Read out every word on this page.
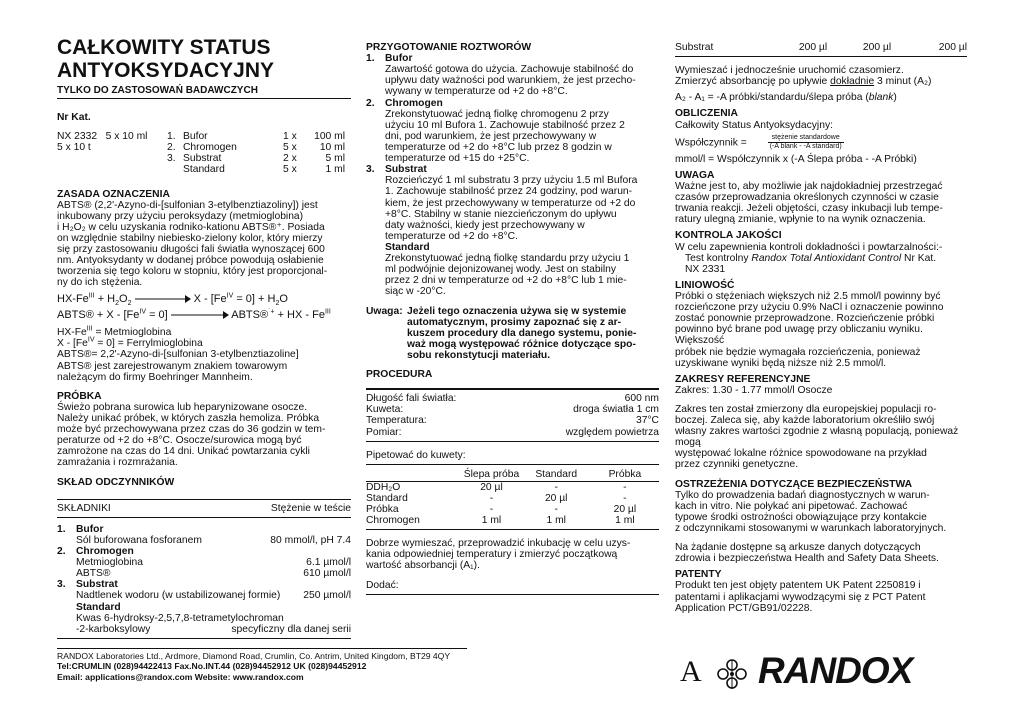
CAŁKOWITY STATUS
ANTYOKSYDACYJNY
TYLKO DO ZASTOSOWAŃ BADAWCZYCH
Nr Kat.
NX 2332 5 x 10 ml
5 x 10 t
1.	Bufor	1 x	100 ml
2.	Chromogen	5 x	10 ml
3.	Substrat	2 x	5 ml
	Standard	5 x	1 ml
ZASADA OZNACZENIA
ABTS® (2,2'-Azyno-di-[sulfonian 3-etylbenztiazoliny]) jest
inkubowany przy użyciu peroksydazy (metmioglobina)
i H₂O₂ w celu uzyskania rodniko-kationu ABTS®⁺. Posiada
on względnie stabilny niebiesko-zielony kolor, który mierzy
się przy zastosowaniu długości fali światła wynoszącej 600
nm. Antyoksydanty w dodanej próbce powodują osłabienie
tworzenia się tego koloru w stopniu, który jest proporcjonal-
ny do ich stężenia.
$HX-Fe^{III} + H_2O_2$	$X - [Fe^{IV} = 0] + H_2O$
ABTS® + $X - [Fe^{IV} = 0]$	ABTS®˙+ + HX - $Fe^{III}$
$HX-Fe^{III}$ = Metmioglobina
$X - [Fe^{IV} = 0]$ = Ferrylmioglobina
ABTS®= 2,2'-Azyno-di-[sulfonian 3-etylbenztiazoline]
ABTS® jest zarejestrowanym znakiem towarowym
należącym do firmy Boehringer Mannheim.
PRÓBKA
Świeżo pobrana surowica lub heparynizowane osocze.
Należy unikać próbek, w których zaszła hemoliza. Próbka
może być przechowywana przez czas do 36 godzin w tem-
peraturze od +2 do +8°C. Osocze/surowica mogą być
zamrożone na czas do 14 dni. Unikać powtarzania cykli
zamrażania i rozmrażania.
SKŁAD ODCZYNNIKÓW
SKŁADNIKI	Stężenie w teście
1. Bufor
Sól buforowana fosforanem	80 mmol/l, pH 7.4
2. Chromogen
Metmioglobina	6.1 µmol/l
ABTS®	610 µmol/l
3. Substrat
Nadtlenek wodoru (w ustabilizowanej formie) 250 µmol/l
Standard
Kwas 6-hydroksy-2,5,7,8-tetrametylochroman
-2-karboksylowy	specyficzny dla danej serii
PRZYGOTOWANIE ROZTWORÓW
1. Bufor
Zawartość gotowa do użycia. Zachowuje stabilność do
upływu daty ważności pod warunkiem, że jest przecho-
wywany w temperaturze od +2 do +8°C.
2. Chromogen
Zrekonstytuować jedną fiolkę chromogenu 2 przy
użyciu 10 ml Bufora 1. Zachowuje stabilność przez 2
dni, pod warunkiem, że jest przechowywany w
temperaturze od +2 do +8°C lub przez 8 godzin w
temperaturze od +15 do +25°C.
3. Substrat
Rozcieńczyć 1 ml substratu 3 przy użyciu 1.5 ml Bufora
1. Zachowuje stabilność przez 24 godziny, pod warun-
kiem, że jest przechowywany w temperaturze od +2 do
+8°C. Stabilny w stanie niezcieńczonym do upływu
daty ważności, kiedy jest przechowywany w
temperaturze od +2 do +8°C.
Standard
Zrekonstytuować jedną fiolkę standardu przy użyciu 1
ml podwójnie dejonizowanej wody. Jest on stabilny
przez 2 dni w temperaturze od +2 do +8°C lub 1 mie-
siąc w -20°C.
Uwaga: Jeżeli tego oznaczenia używa się w systemie
automatycznym, prosimy zapoznać się z ar-
kuszem procedury dla danego systemu, ponie-
waż mogą występować różnice dotyczące spo-
sobu rekonstytucji materiału.
PROCEDURA
Długość fali światła:	600 nm
Kuweta:	droga światła 1 cm
Temperatura:	37°C
Pomiar:	względem powietrza
Pipetować do kuwety:
	Ślepa próba	Standard	Próbka
DDH₂O	20 µl	-	-
Standard	-	20 µl	-
Próbka	-	-	20 µl
Chromogen	1 ml	1 ml	1 ml
Dobrze wymieszać, przeprowadzić inkubację w celu uzys-
kania odpowiedniej temperatury i zmierzyć początkową
wartość absorbancji (A₁).
Dodać:
Substrat	200 µl	200 µl	200 µl
Wymieszać i jednocześnie uruchomić czasomierz.
Zmierzyć absorbancję po upływie dokładnie 3 minut (A₂)
A₂ - A₁ = -A próbki/standardu/ślepa próba (blank)
OBLICZENIA
Całkowity Status Antyoksydacyjny:
Współczynnik =	$\frac{\text{stężenie standardowe}}{\text{(-A blank - -A standard)}}$
mmol/l = Współczynnik x (-A Ślepa próba - -A Próbki)
UWAGA
Ważne jest to, aby możliwie jak najdokładniej przestrzegać
czasów przeprowadzania określonych czynności w czasie
trwania reakcji. Jeżeli objętości, czasy inkubacji lub tempe-
ratury ulegną zmianie, wpłynie to na wynik oznaczenia.
KONTROLA JAKOŚCI
W celu zapewnienia kontroli dokładności i powtarzalności:-
Test kontrolny Randox Total Antioxidant Control Nr Kat.
NX 2331
LINIOWOŚĆ
Próbki o stężeniach większych niż 2.5 mmol/l powinny być
rozcieńczone przy użyciu 0.9% NaCl i oznaczenie powinno
zostać ponownie przeprowadzone. Rozcieńczenie próbki
powinno być brane pod uwagę przy obliczaniu wyniku. Większość
próbek nie będzie wymagała rozcieńczenia, ponieważ
uzyskiwane wyniki będą niższe niż 2.5 mmol/l.
ZAKRESY REFERENCYJNE
Zakres: 1.30 - 1.77 mmol/l Osocze
Zakres ten został zmierzony dla europejskiej populacji ro-
boczej. Zaleca się, aby każde laboratorium określiło swój
własny zakres wartości zgodnie z własną populacją, ponieważ mogą
występować lokalne różnice spowodowane na przykład
przez czynniki genetyczne.
OSTRZEŻENIA DOTYCZĄCE BEZPIECZEŃSTWA
Tylko do prowadzenia badań diagnostycznych w warun-
kach in vitro. Nie połykać ani pipetować. Zachować
typowe środki ostrożności obowiązujące przy kontakcie
z odczynnikami stosowanymi w warunkach laboratoryjnych.
Na żądanie dostępne są arkusze danych dotyczących
zdrowia i bezpieczeństwa Health and Safety Data Sheets.
PATENTY
Produkt ten jest objęty patentem UK Patent 2250819 i
patentami i aplikacjami wywodzącymi się z PCT Patent
Application PCT/GB91/02228.
RANDOX Laboratories Ltd., Ardmore, Diamond Road, Crumlin, Co. Antrim, United Kingdom, BT29 4QY
Tel:CRUMLIN (028)94422413 Fax.No.INT.44 (028)94452912 UK (028)94452912
Email: applications@randox.com Website: www.randox.com	A RANDOX
